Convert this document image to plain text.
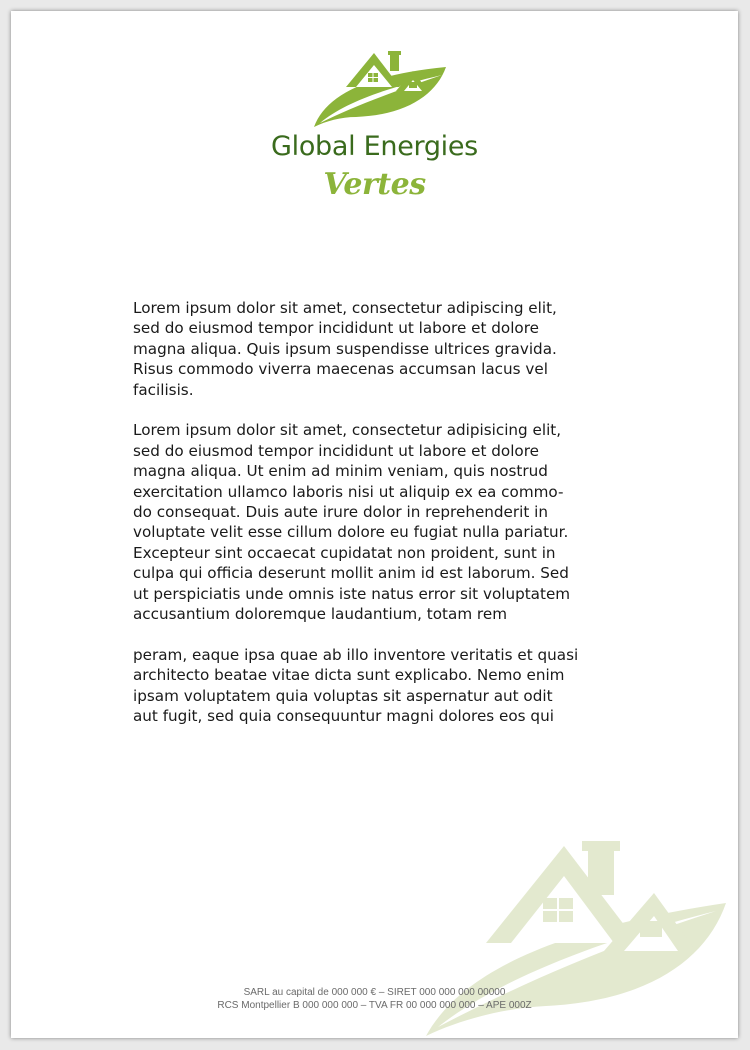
Global Energies
Vertes

Lorem ipsum dolor sit amet, consectetur adipiscing elit,
sed do eiusmod tempor incididunt ut labore et dolore
magna aliqua. Quis ipsum suspendisse ultrices gravida.
Risus commodo viverra maecenas accumsan lacus vel
facilisis.

Lorem ipsum dolor sit amet, consectetur adipisicing elit,
sed do eiusmod tempor incididunt ut labore et dolore
magna aliqua. Ut enim ad minim veniam, quis nostrud
exercitation ullamco laboris nisi ut aliquip ex ea commo-
do consequat. Duis aute irure dolor in reprehenderit in
voluptate velit esse cillum dolore eu fugiat nulla pariatur.
Excepteur sint occaecat cupidatat non proident, sunt in
culpa qui officia deserunt mollit anim id est laborum. Sed
ut perspiciatis unde omnis iste natus error sit voluptatem
accusantium doloremque laudantium, totam rem

peram, eaque ipsa quae ab illo inventore veritatis et quasi
architecto beatae vitae dicta sunt explicabo. Nemo enim
ipsam voluptatem quia voluptas sit aspernatur aut odit
aut fugit, sed quia consequuntur magni dolores eos qui

SARL au capital de 000 000 € – SIRET 000 000 000 00000
RCS Montpellier B 000 000 000 – TVA FR 00 000 000 000 – APE 000Z
